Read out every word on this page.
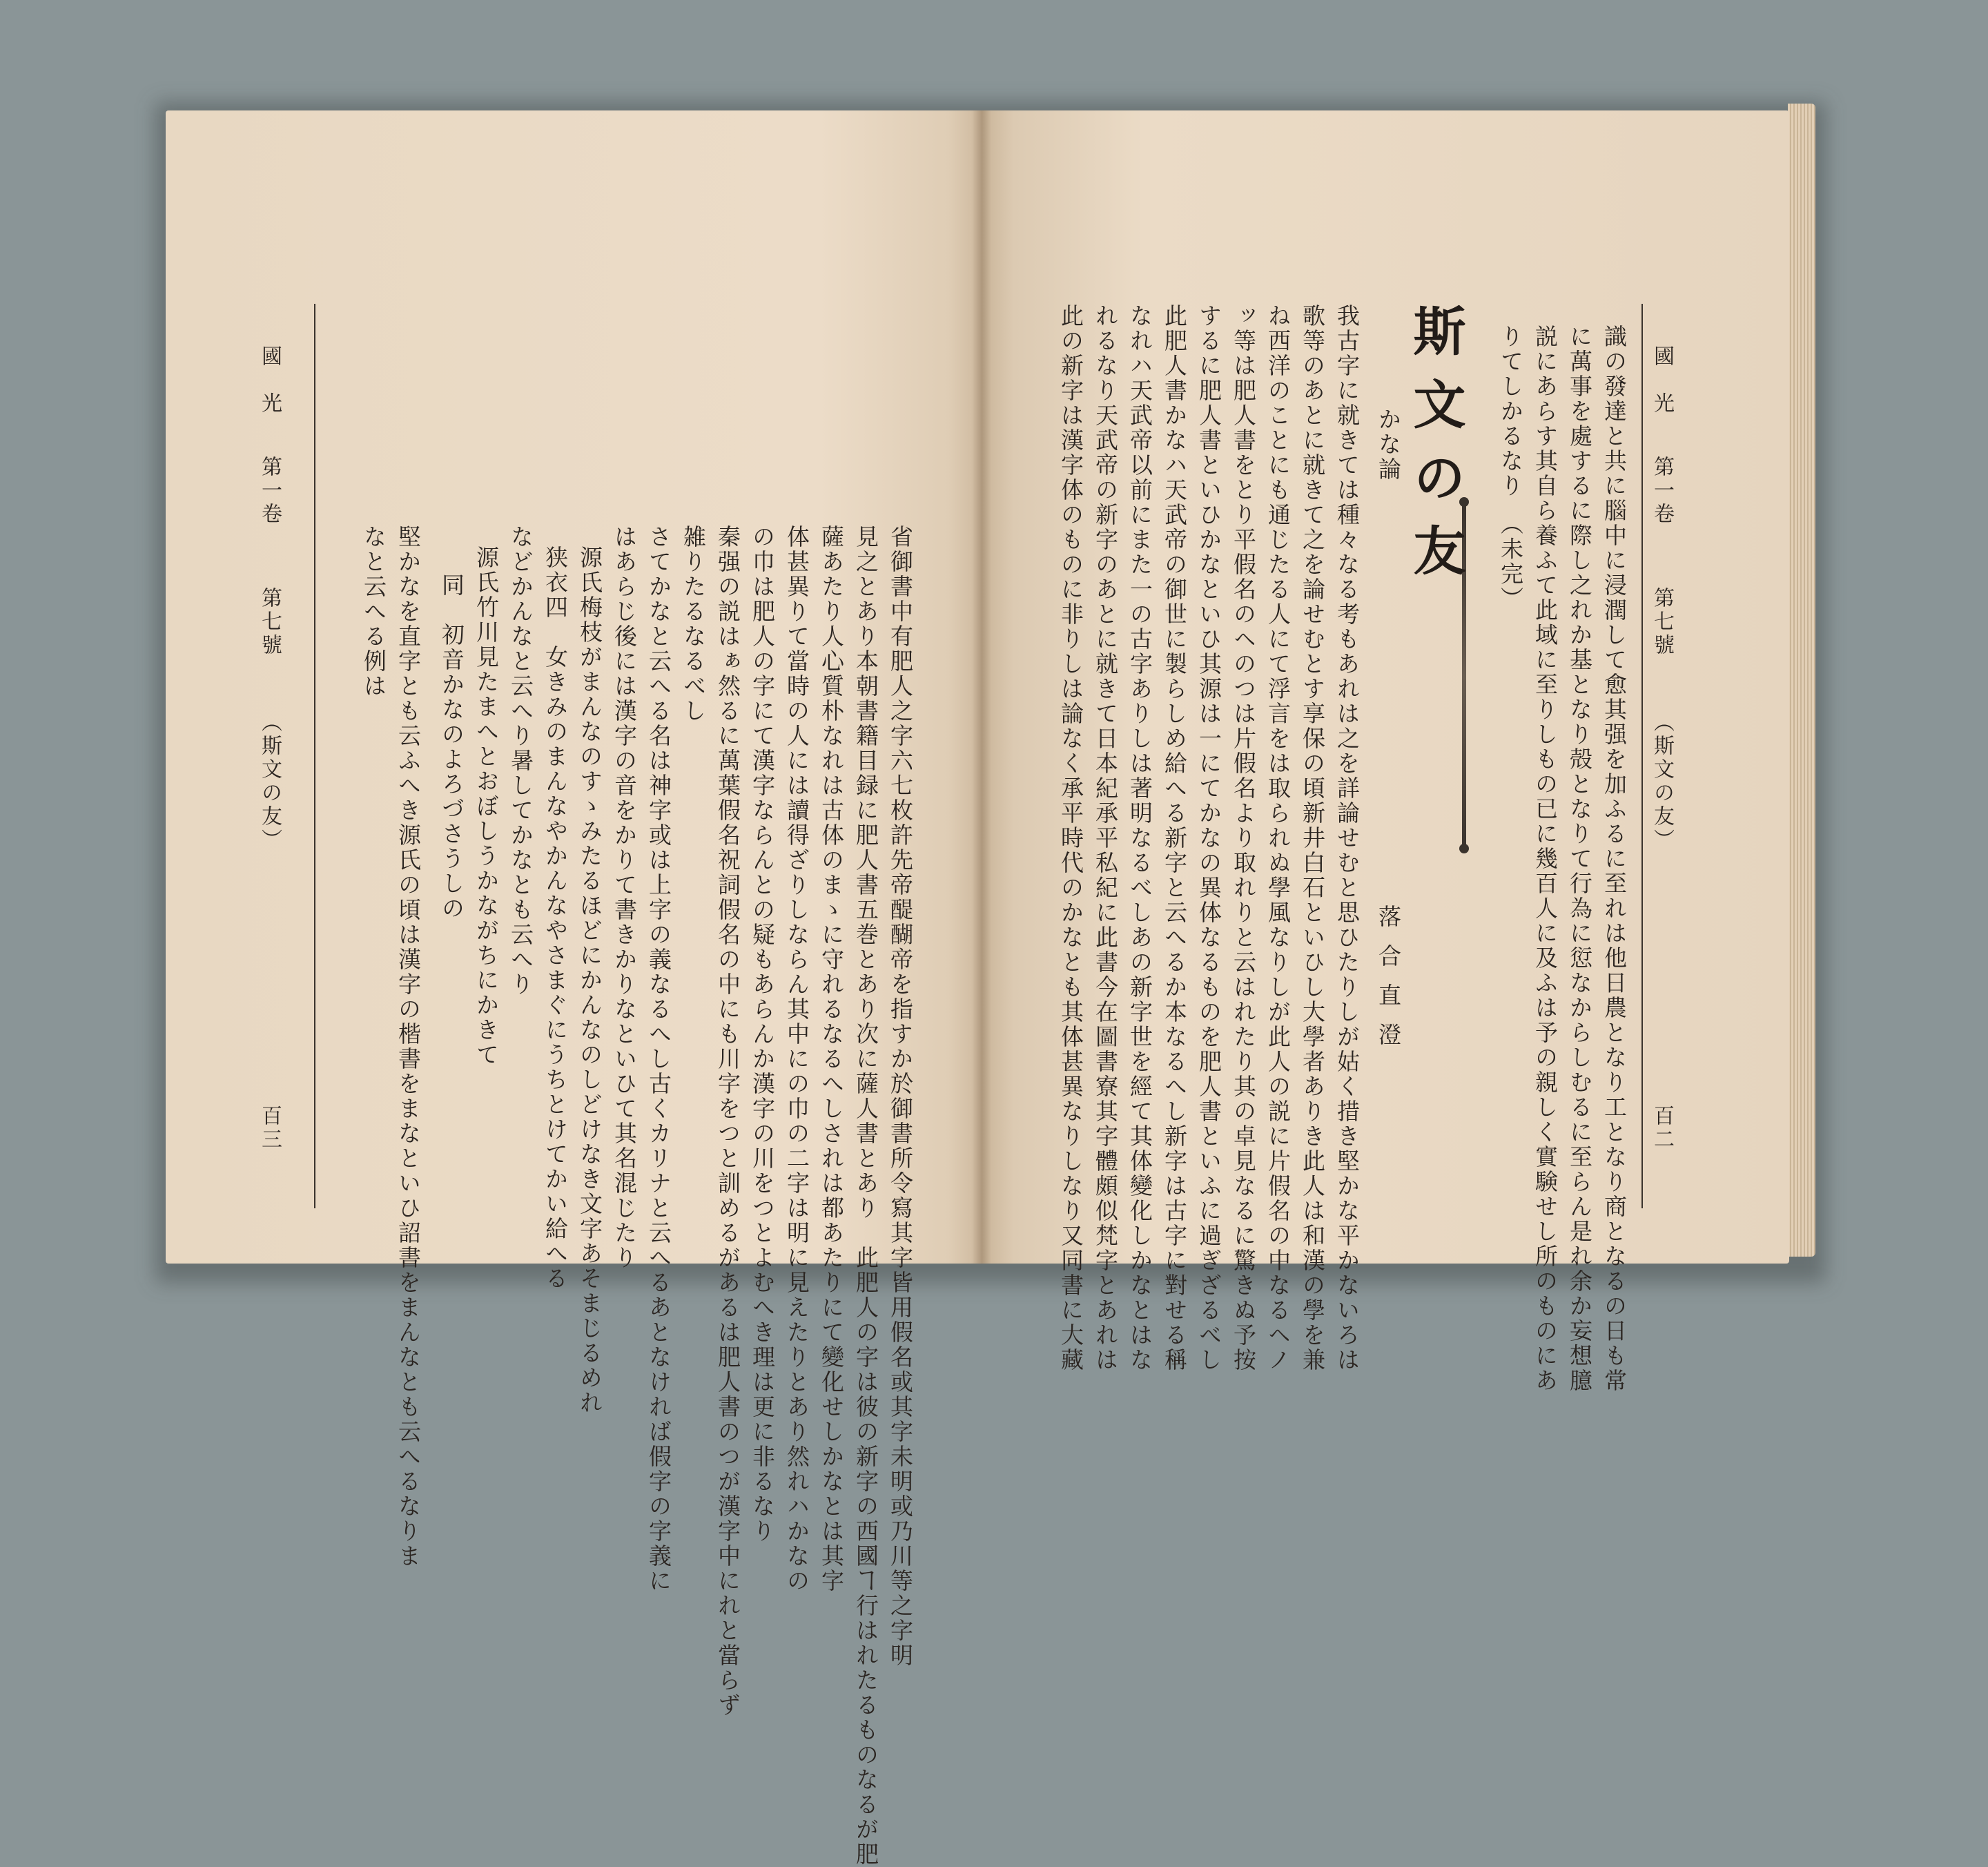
國　光
第一卷
第七號
（斯文の友）
百三	省御書中有肥人之字六七枚許先帝醍醐帝を指すか於御書所令寫其字皆用假名或其字未明或乃川等之字明
見之とあり本朝書籍目録に肥人書五巻とあり次に薩人書とあり　此肥人の字は彼の新字の西國ヿ行はれたるものなるが肥
薩あたり人心質朴なれは古体のまゝに守れるなるへしされは都あたりにて變化せしかなとは其字
体甚異りて當時の人には讀得ざりしならん其中にの巾の二字は明に見えたりとあり然れハかなの
の巾は肥人の字にて漢字ならんとの疑もあらんか漢字の川をつとよむへき理は更に非るなり
秦强の説はぁ然るに萬葉假名祝詞假名の中にも川字をつと訓めるがあるは肥人書のつが漢字中にれと當らず
雑りたるなるべし
さてかなと云へる名は神字或は上字の義なるへし古くカリナと云へるあとなければ假字の字義に
はあらじ後には漢字の音をかりて書きかりなといひて其名混じたり
源氏梅枝がまんなのすゝみたるほどにかんなのしどけなき文字あそまじるめれ
狭衣四　女きみのまんなやかんなやさまぐにうちとけてかい給へる
などかんなと云へり暑してかなとも云へり
源氏竹川見たまへとおぼしうかながちにかきて
同　初音かなのよろづさうしの
堅かなを直字とも云ふへき源氏の頃は漢字の楷書をまなといひ詔書をまんなとも云へるなりま
なと云へる例は
國　光
第一卷
第七號
（斯文の友）
百二
識の發達と共に腦中に浸潤して愈其强を加ふるに至れは他日農となり工となり商となるの日も常
に萬事を處するに際し之れか基となり殻となりて行為に愆なからしむるに至らん是れ余か妄想臆
説にあらす其自ら養ふて此域に至りしもの已に幾百人に及ふは予の親しく實験せし所のものにあ
りてしかるなり　（未完）
斯文の友
かな論
落合直澄
我古字に就きては種々なる考もあれは之を詳論せむと思ひたりしが姑く措き堅かな平かないろは
歌等のあとに就きて之を論せむとす享保の頃新井白石といひし大學者ありき此人は和漢の學を兼
ね西洋のことにも通じたる人にて浮言をは取られぬ學風なりしが此人の説に片假名の中なるヘノ
ッ等は肥人書をとり平假名のヘのつは片假名より取れりと云はれたり其の卓見なるに驚きぬ予按
するに肥人書といひかなといひ其源は一にてかなの異体なるものを肥人書といふに過ぎざるべし
此肥人書かなハ天武帝の御世に製らしめ給へる新字と云へるか本なるへし新字は古字に對せる稱
なれハ天武帝以前にまた一の古字ありしは著明なるべしあの新字世を經て其体變化しかなとはな
れるなり天武帝の新字のあとに就きて日本紀承平私紀に此書今在圖書寮其字體頗似梵字とあれは
此の新字は漢字体のものに非りしは論なく承平時代のかなとも其体甚異なりしなり又同書に大藏
